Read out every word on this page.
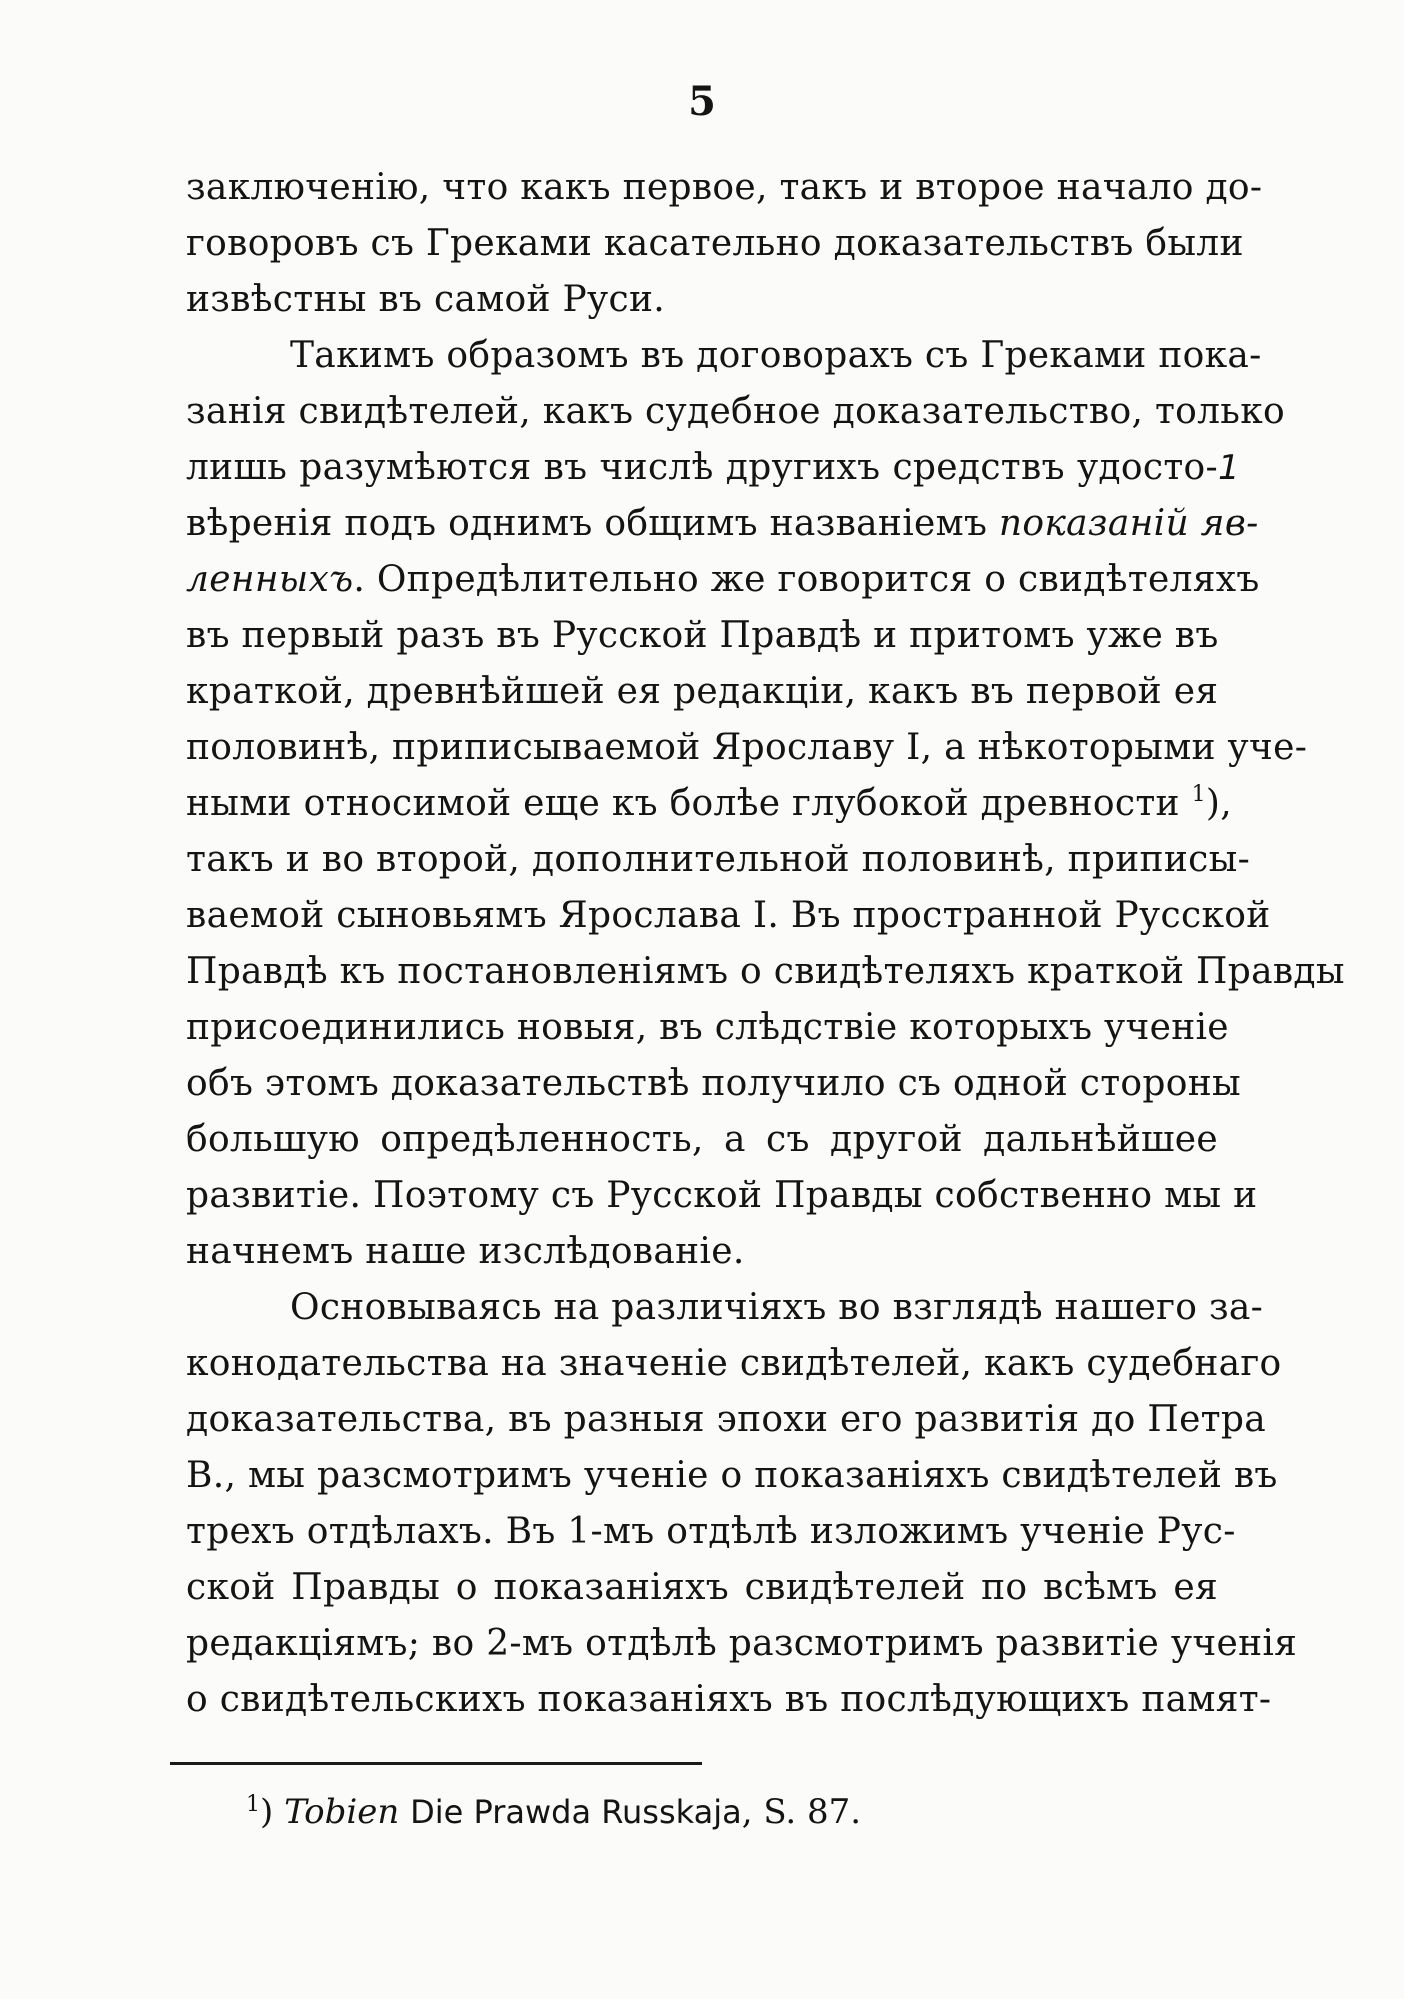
5
заключенію, что какъ первое, такъ и второе начало до-
говоровъ съ Греками касательно доказательствъ были
извѣстны въ самой Руси.
Такимъ образомъ въ договорахъ съ Греками пока-
занія свидѣтелей, какъ судебное доказательство, только
лишь разумѣются въ числѣ другихъ средствъ удосто-
вѣренія подъ однимъ общимъ названіемъ показаній яв-
ленныхъ. Опредѣлительно же говорится о свидѣтеляхъ
въ первый разъ въ Русской Правдѣ и притомъ уже въ
краткой, древнѣйшей ея редакціи, какъ въ первой ея
половинѣ, приписываемой Ярославу I, а нѣкоторыми уче-
ными относимой еще къ болѣе глубокой древности $^1$),
такъ и во второй, дополнительной половинѣ, приписы-
ваемой сыновьямъ Ярослава I. Въ пространной Русской
Правдѣ къ постановленіямъ о свидѣтеляхъ краткой Правды
присоединились новыя, въ слѣдствіе которыхъ ученіе
объ этомъ доказательствѣ получило съ одной стороны
большую опредѣленность, а съ другой дальнѣйшее
развитіе. Поэтому съ Русской Правды собственно мы и
начнемъ наше изслѣдованіе.
Основываясь на различіяхъ во взглядѣ нашего за-
конодательства на значеніе свидѣтелей, какъ судебнаго
доказательства, въ разныя эпохи его развитія до Петра
В., мы разсмотримъ ученіе о показаніяхъ свидѣтелей въ
трехъ отдѣлахъ. Въ 1-мъ отдѣлѣ изложимъ ученіе Рус-
ской Правды о показаніяхъ свидѣтелей по всѣмъ ея
редакціямъ; во 2-мъ отдѣлѣ разсмотримъ развитіе ученія
о свидѣтельскихъ показаніяхъ въ послѣдующихъ памят-
1
$^1$) Tobien Die Prawda Russkaja, S. 87.
